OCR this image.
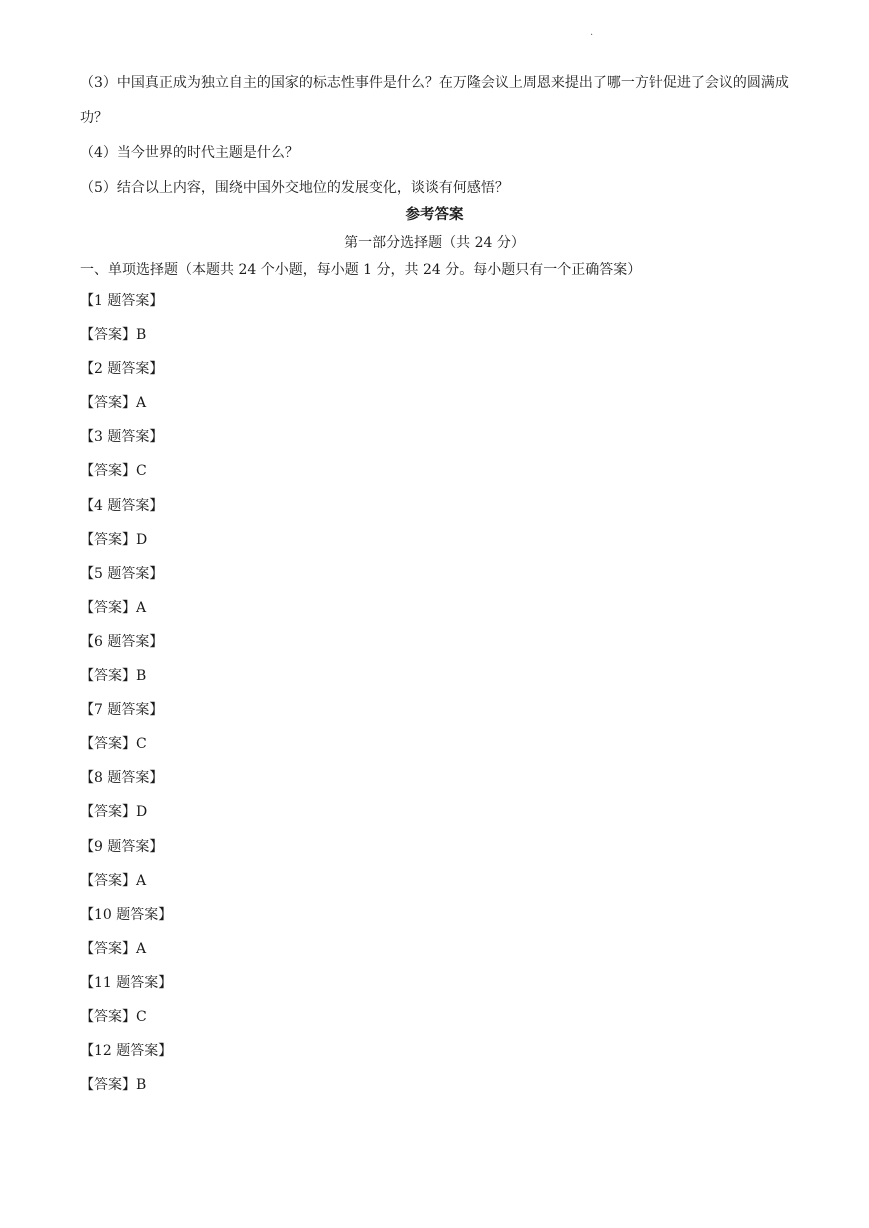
·

（3）中国真正成为独立自主的国家的标志性事件是什么？在万隆会议上周恩来提出了哪一方针促进了会议的圆满成功？

（4）当今世界的时代主题是什么？

（5）结合以上内容，围绕中国外交地位的发展变化，谈谈有何感悟？

参考答案
第一部分选择题（共 24 分）
一、单项选择题（本题共 24 个小题，每小题 1 分，共 24 分。每小题只有一个正确答案）
【1 题答案】
【答案】B
【2 题答案】
【答案】A
【3 题答案】
【答案】C
【4 题答案】
【答案】D
【5 题答案】
【答案】A
【6 题答案】
【答案】B
【7 题答案】
【答案】C
【8 题答案】
【答案】D
【9 题答案】
【答案】A
【10 题答案】
【答案】A
【11 题答案】
【答案】C
【12 题答案】
【答案】B
